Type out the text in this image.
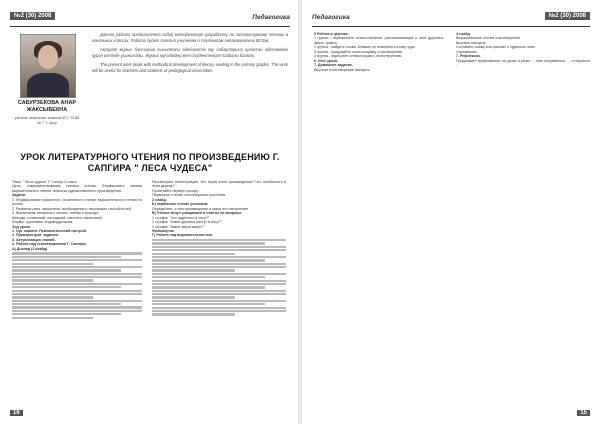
№2 (30) 2008	Педагогика
САБУРЗЕКОВА АНАР ЖАКСЫБЕКНА
учитель начальных классов КГУ "СОШ № 7" г. Аксу

Данная работа предназначена собой методическую разработку по литературному чтению в начальных классах. Работа будет полезна учителям и студентам педагогических ВУЗов.

Ақпарат жұмыс бастауыш сыныптағы әдебиеттік оқу сабақтарына арналған әдістемелік құрал ретінде ұсынылады. Жұмыс мұғалімдер мен студенттерге пайдалы болмақ.

The present work deals with methodical development of literary reading in the primary grades. The work will be useful for teachers and students of pedagogical universities.

УРОК ЛИТЕРАТУРНОГО ЧТЕНИЯ ПО ПРОИЗВЕДЕНИЮ Г. САПГИРА " ЛЕСА ЧУДЕСА"

Тема: " Леса-чудеса" Г. Сапгир 3 класс.

Цель: совершенствование техники чтения. Формировать навыки выразительного чтения, анализа художественного произведения.

Задачи:

1. Формирование грамотного, осознанного чтения; выразительного чтения по ролям.

2. Развитие речи, мышления, воображения и творческих способностей.

3. Воспитание интереса к чтению, любви к природе.

Методы: словесный, наглядный, частично-поисковый.

Формы: групповая, индивидуальная.

Ход урока

1. Орг. момент. Психологический настрой.

2. Проверка дом. задания.

3. Актуализация знаний.

4. Работа над стихотворением Г. Сапгира.

А) Доклад (1 слайд)

Рассмотрите иллюстрацию. Кто герой этого произведения? Что необычного в этом дереве?

Прочитайте первую строфу.

Первичное чтение стихотворения учителем.

2 слайд.

Б) первичное чтение учеником.

Определите, о чём произведение и какое его настроение.

В) Чтение вслух учащимися и ответы на вопросы.

1 строфа: "Что чудесного в лесу?"

2 строфа: "Какие деревья растут в лесу?"

3 строфа: "Какие звери живут?"

Физминутка

Г) Работа над выразительностью.

16
Педагогика	№2 (30) 2008

5 Работа в группах.

1 группа - перечислите словосочетания, рассказывающие о лесе (деревья, звери, травы).

2 группа - найдите слова, близкие по значению к слову чудо.

3 группа - придумайте свою концовку стихотворения.

4 группа - нарисуйте иллюстрацию к стихотворению.

6. Итог урока.

7. Домашнее задание.

Выучите стихотворение наизусть.

4 слайд.

Выразительное чтение стихотворения.

Выучить наизусть.

Составить сказку или рассказ о чудесном лесе.

Оценивание.

7. Рефлексия.

Продолжите предложения: на уроке я узнал ..., мне понравилось ..., я научился ...

15
